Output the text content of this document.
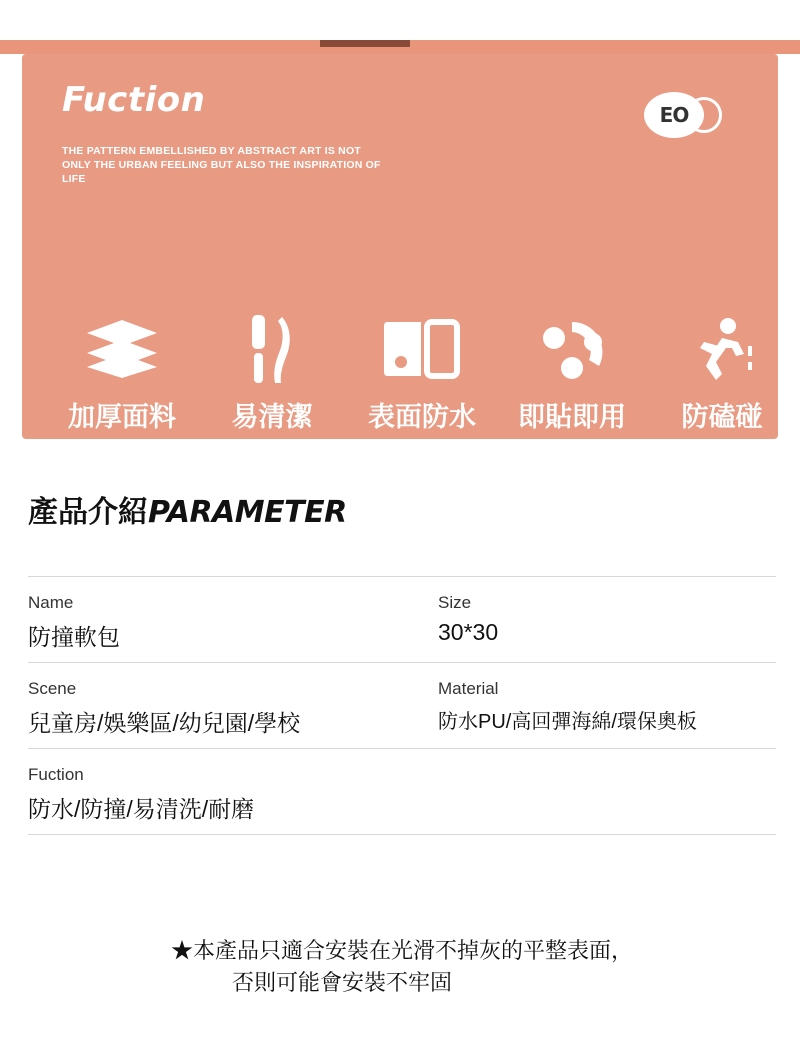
Fuction
THE PATTERN EMBELLISHED BY ABSTRACT ART IS NOT ONLY THE URBAN FEELING BUT ALSO THE INSPIRATION OF LIFE
EO
加厚面料 易清潔 表面防水 即貼即用 防磕碰
產品介紹PARAMETER
Name
防撞軟包
Size
30*30
Scene
兒童房/娛樂區/幼兒園/學校
Material
防水PU/高回彈海綿/環保奧板
Fuction
防水/防撞/易清洗/耐磨
★本產品只適合安裝在光滑不掉灰的平整表面，
否則可能會安裝不牢固
